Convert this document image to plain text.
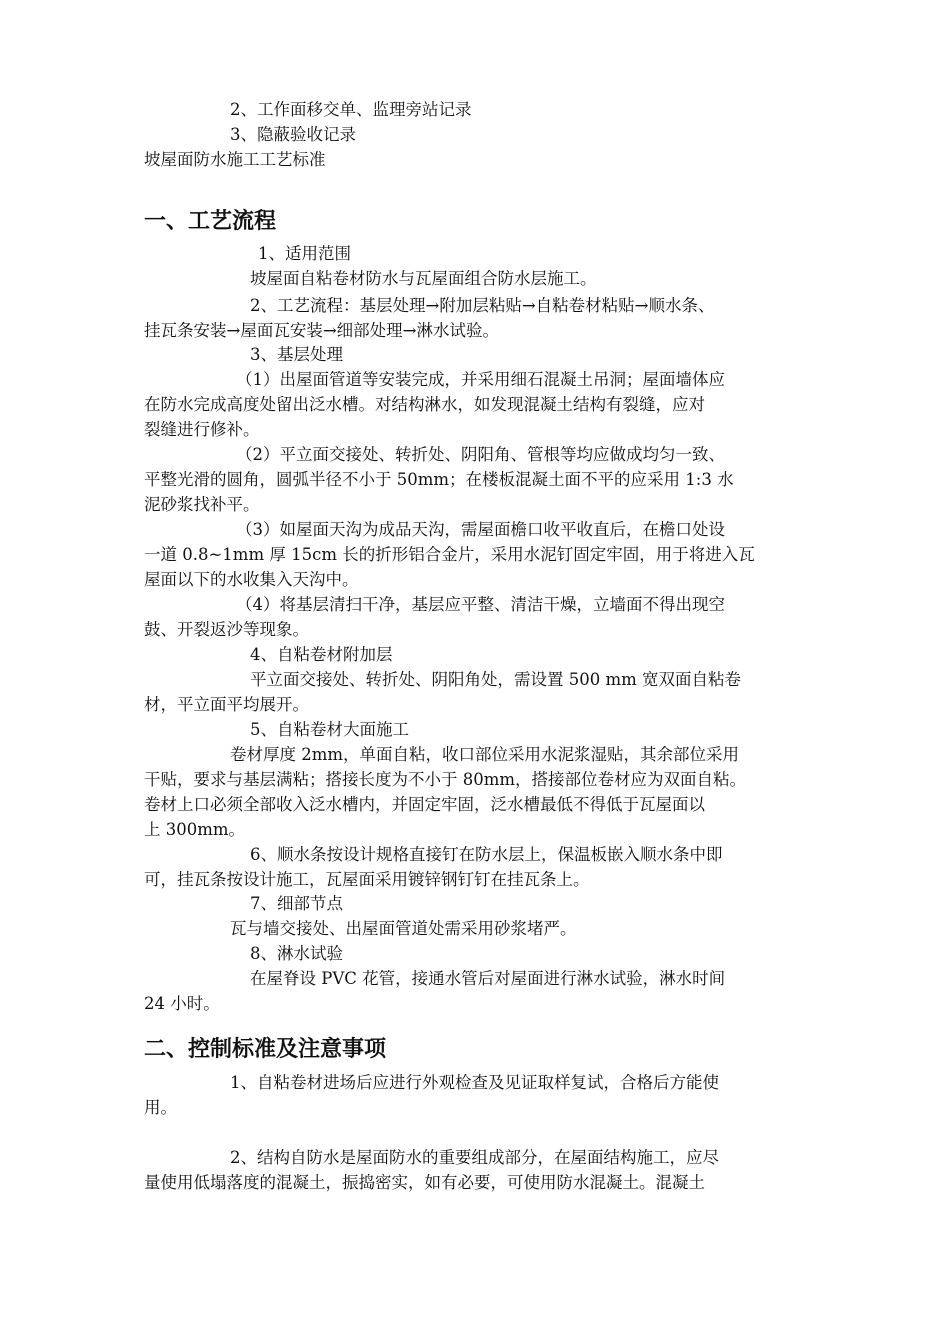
2、工作面移交单、监理旁站记录
3、隐蔽验收记录
坡屋面防水施工工艺标准
一、工艺流程
1、适用范围
坡屋面自粘卷材防水与瓦屋面组合防水层施工。
2、工艺流程：基层处理→附加层粘贴→自粘卷材粘贴→顺水条、
挂瓦条安装→屋面瓦安装→细部处理→淋水试验。
3、基层处理
（1）出屋面管道等安装完成，并采用细石混凝土吊洞；屋面墙体应
在防水完成高度处留出泛水槽。对结构淋水，如发现混凝土结构有裂缝，应对
裂缝进行修补。
（2）平立面交接处、转折处、阴阳角、管根等均应做成均匀一致、
平整光滑的圆角，圆弧半径不小于 50mm；在楼板混凝土面不平的应采用 1:3 水
泥砂浆找补平。
（3）如屋面天沟为成品天沟，需屋面檐口收平收直后，在檐口处设
一道 0.8~1mm 厚 15cm 长的折形铝合金片，采用水泥钉固定牢固，用于将进入瓦
屋面以下的水收集入天沟中。
（4）将基层清扫干净，基层应平整、清洁干燥，立墙面不得出现空
鼓、开裂返沙等现象。
4、自粘卷材附加层
平立面交接处、转折处、阴阳角处，需设置 500 mm 宽双面自粘卷
材，平立面平均展开。
5、自粘卷材大面施工
卷材厚度 2mm，单面自粘，收口部位采用水泥浆湿贴，其余部位采用
干贴，要求与基层满粘；搭接长度为不小于 80mm，搭接部位卷材应为双面自粘。
卷材上口必须全部收入泛水槽内，并固定牢固，泛水槽最低不得低于瓦屋面以
上 300mm。
6、顺水条按设计规格直接钉在防水层上，保温板嵌入顺水条中即
可，挂瓦条按设计施工，瓦屋面采用镀锌钢钉钉在挂瓦条上。
7、细部节点
瓦与墙交接处、出屋面管道处需采用砂浆堵严。
8、淋水试验
在屋脊设 PVC 花管，接通水管后对屋面进行淋水试验，淋水时间
24 小时。
二、控制标准及注意事项
1、自粘卷材进场后应进行外观检查及见证取样复试，合格后方能使
用。
2、结构自防水是屋面防水的重要组成部分，在屋面结构施工，应尽
量使用低塌落度的混凝土，振捣密实，如有必要，可使用防水混凝土。混凝土
